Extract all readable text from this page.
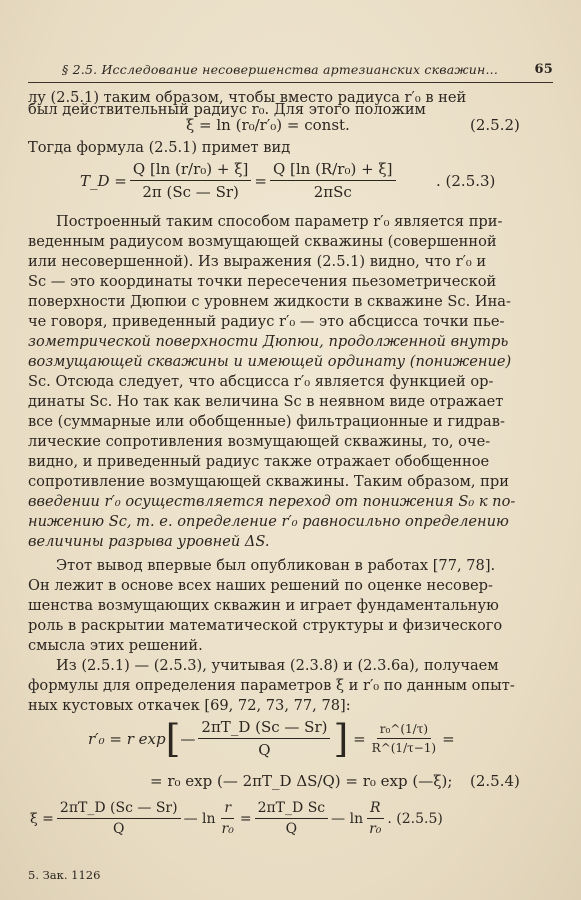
§ 2.5. Исследование несовершенства артезианских скважин...	65
лу (2.5.1) таким образом, чтобы вместо радиуса r′₀ в ней
был действительный радиус r₀. Для этого положим
ξ = ln (r₀/r′₀) = const.	(2.5.2)
Тогда формула (2.5.1) примет вид
T_D = $\frac{\text{Q [ln (r/r₀) + ξ]}}{2\pi (Sc — Sr)} = \frac{\text{Q [ln (R/r₀) + ξ]}}{\text{2πSc}}$	. (2.5.3)
Построенный таким способом параметр r′₀ является при-
веденным радиусом возмущающей скважины (совершенной
или несовершенной). Из выражения (2.5.1) видно, что r′₀ и
Sc — это координаты точки пересечения пьезометрической
поверхности Дюпюи с уровнем жидкости в скважине Sc. Ина-
че говоря, приведенный радиус r′₀ — это абсцисса точки пье-
зометрической поверхности Дюпюи, продолженной внутрь
возмущающей скважины и имеющей ординату (понижение)
Sc. Отсюда следует, что абсцисса r′₀ является функцией ор-
динаты Sc. Но так как величина Sc в неявном виде отражает
все (суммарные или обобщенные) фильтрационные и гидрав-
лические сопротивления возмущающей скважины, то, оче-
видно, и приведенный радиус также отражает обобщенное
сопротивление возмущающей скважины. Таким образом, при
введении r′₀ осуществляется переход от понижения S₀ к по-
нижению Sc, т. е. определение r′₀ равносильно определению
величины разрыва уровней ΔS.
Этот вывод впервые был опубликован в работах [77, 78].
Он лежит в основе всех наших решений по оценке несовер-
шенства возмущающих скважин и играет фундаментальную
роль в раскрытии математической структуры и физического
смысла этих решений.
Из (2.5.1) — (2.5.3), учитывая (2.3.8) и (2.3.6а), получаем
формулы для определения параметров ξ и r′₀ по данным опыт-
ных кустовых откачек [69, 72, 73, 77, 78]:
r′₀ = r exp [ — $\frac{2\pi T\_D (Sc — Sr)}{Q}$ ] = $\frac{\text{r₀\textasciicircum{}(1/τ)}}{R\^{}(1/\tau-1)}$ =
= r₀ exp (— 2πT_D ΔS/Q) = r₀ exp (—ξ); (2.5.4)
$\xi = \frac{2\pi T\_D (Sc — Sr)}{Q}$ — $\ln \frac{r}{\text{r₀}} = \frac{\text{2πT\_D Sc}}{Q}$ — $\ln \frac{R}{\text{r₀}}$ . (2.5.5)
5. Зак. 1126
